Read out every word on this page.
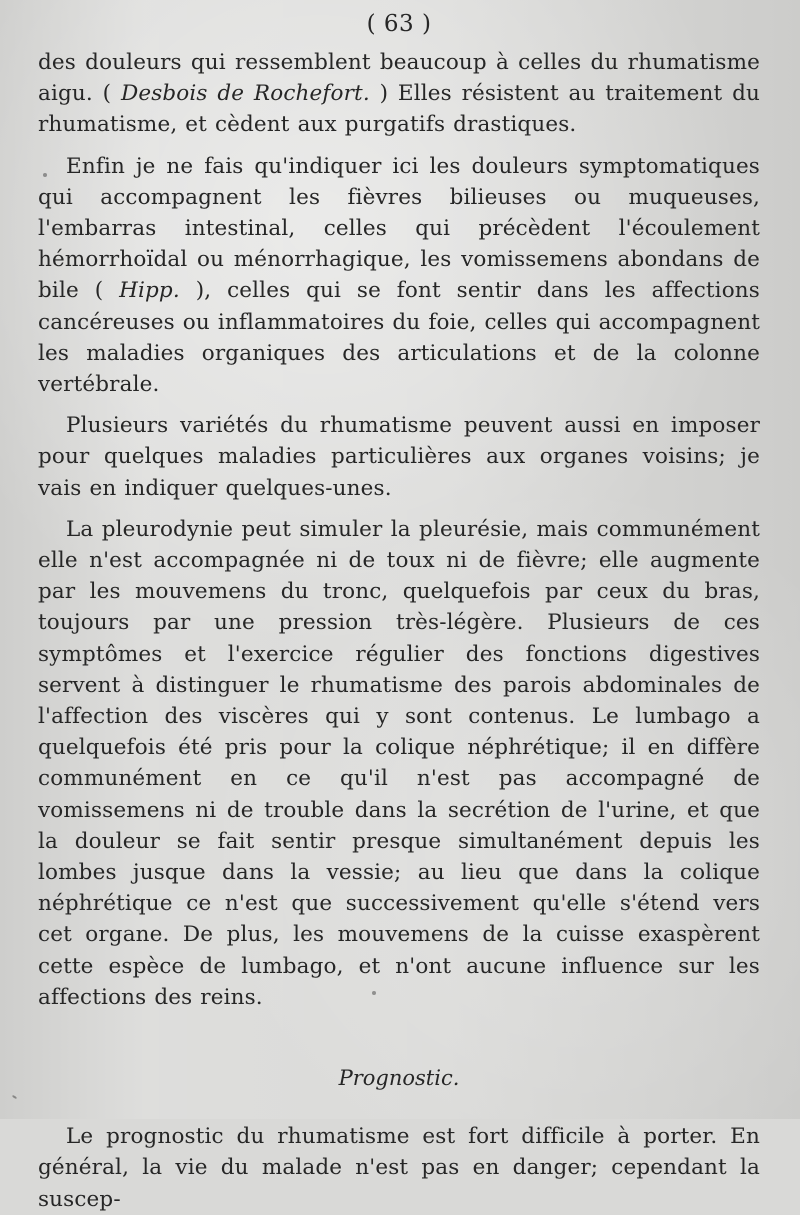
( 63 )

des douleurs qui ressemblent beaucoup à celles du rhumatisme aigu. ( Desbois de Rochefort. ) Elles résistent au traitement du rhumatisme, et cèdent aux purgatifs drastiques.

Enfin je ne fais qu'indiquer ici les douleurs symptomatiques qui accompagnent les fièvres bilieuses ou muqueuses, l'embarras intestinal, celles qui précèdent l'écoulement hémorrhoïdal ou ménorrhagique, les vomissemens abondans de bile ( Hipp. ), celles qui se font sentir dans les affections cancéreuses ou inflammatoires du foie, celles qui accompagnent les maladies organiques des articulations et de la colonne vertébrale.

Plusieurs variétés du rhumatisme peuvent aussi en imposer pour quelques maladies particulières aux organes voisins; je vais en indiquer quelques-unes.

La pleurodynie peut simuler la pleurésie, mais communément elle n'est accompagnée ni de toux ni de fièvre; elle augmente par les mouvemens du tronc, quelquefois par ceux du bras, toujours par une pression très-légère. Plusieurs de ces symptômes et l'exercice régulier des fonctions digestives servent à distinguer le rhumatisme des parois abdominales de l'affection des viscères qui y sont contenus. Le lumbago a quelquefois été pris pour la colique néphrétique; il en diffère communément en ce qu'il n'est pas accompagné de vomissemens ni de trouble dans la secrétion de l'urine, et que la douleur se fait sentir presque simultanément depuis les lombes jusque dans la vessie; au lieu que dans la colique néphrétique ce n'est que successivement qu'elle s'étend vers cet organe. De plus, les mouvemens de la cuisse exaspèrent cette espèce de lumbago, et n'ont aucune influence sur les affections des reins.

Prognostic.

Le prognostic du rhumatisme est fort difficile à porter. En général, la vie du malade n'est pas en danger; cependant la suscep-
